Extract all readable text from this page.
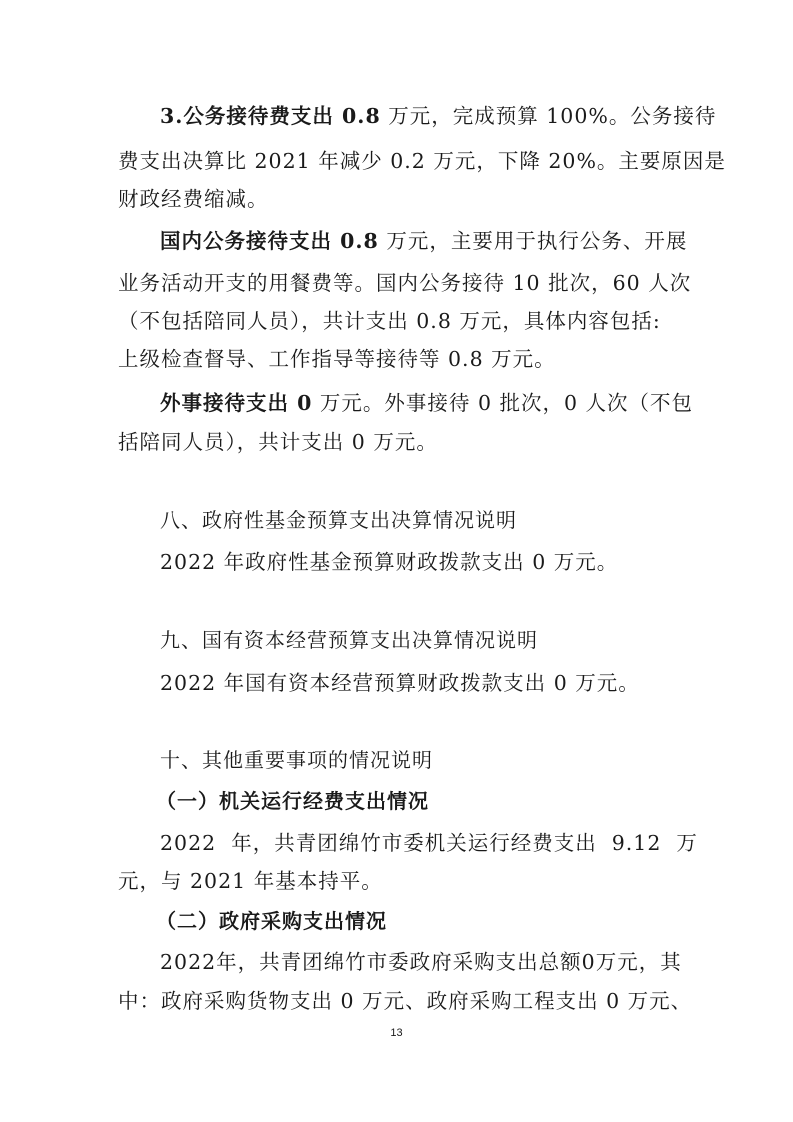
3.公务接待费支出 0.8 万元，完成预算 100%。公务接待
费支出决算比 2021 年减少 0.2 万元，下降 20%。主要原因是
财政经费缩减。
国内公务接待支出 0.8 万元，主要用于执行公务、开展
业务活动开支的用餐费等。国内公务接待 10 批次，60 人次
（不包括陪同人员），共计支出 0.8 万元，具体内容包括:
上级检查督导、工作指导等接待等 0.8 万元。
外事接待支出 0 万元。外事接待 0 批次，0 人次（不包
括陪同人员），共计支出 0 万元。
八、政府性基金预算支出决算情况说明
2022 年政府性基金预算财政拨款支出 0 万元。
九、国有资本经营预算支出决算情况说明
2022 年国有资本经营预算财政拨款支出 0 万元。
十、其他重要事项的情况说明
（一）机关运行经费支出情况
2022  年，共青团绵竹市委机关运行经费支出  9.12  万
元，与 2021 年基本持平。
（二）政府采购支出情况
2022年，共青团绵竹市委政府采购支出总额0万元，其
中：政府采购货物支出 0 万元、政府采购工程支出 0 万元、
13
